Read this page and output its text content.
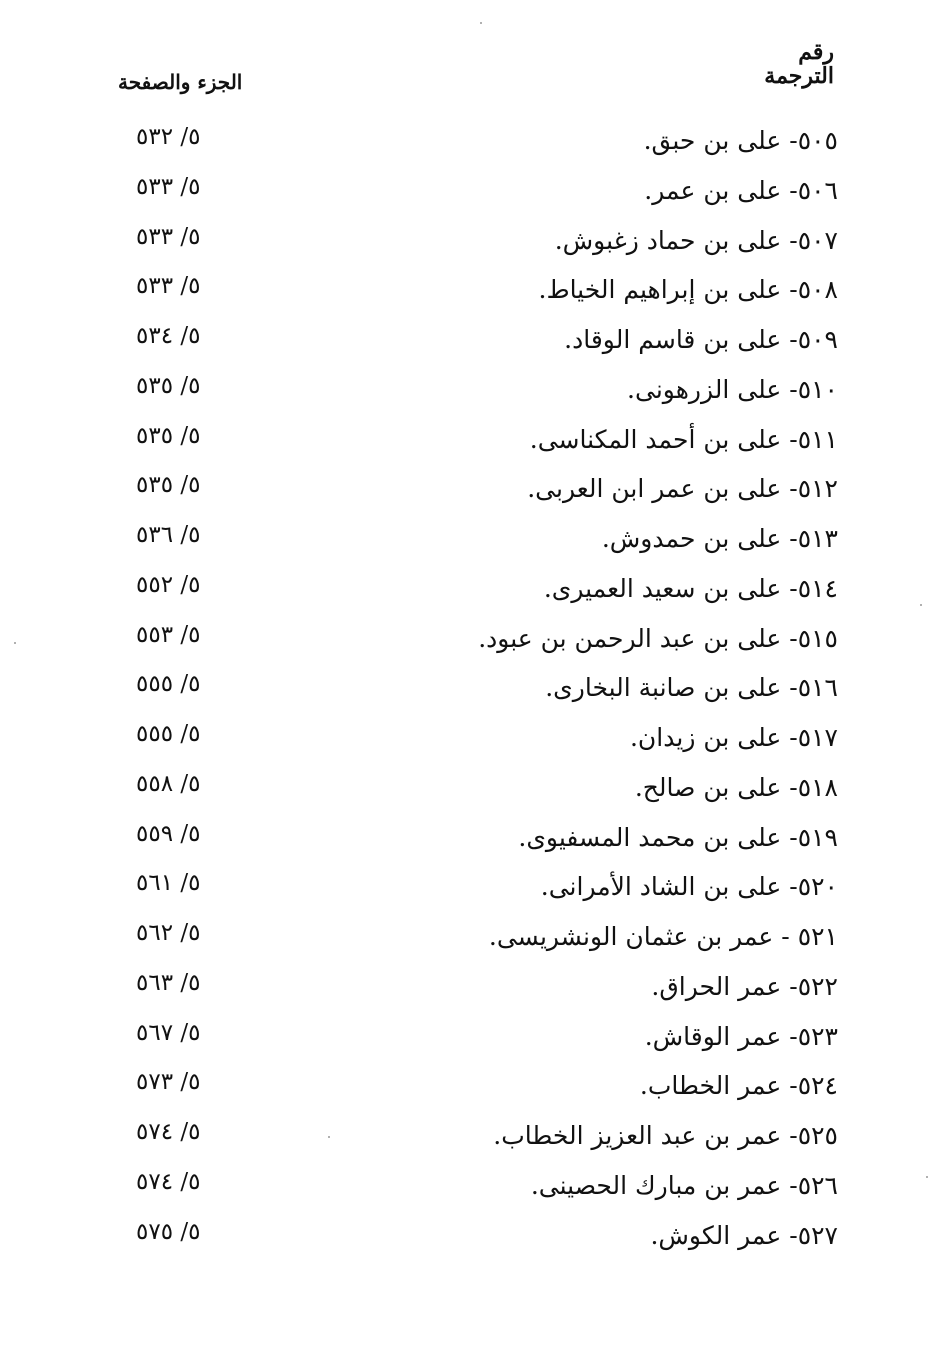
رقم
الترجمة
الجزء والصفحة
٥٠٥- على بن حبق.
٥/ ٥٣٢
٥٠٦- على بن عمر.
٥/ ٥٣٣
٥٠٧- على بن حماد زغبوش.
٥/ ٥٣٣
٥٠٨- على بن إبراهيم الخياط.
٥/ ٥٣٣
٥٠٩- على بن قاسم الوقاد.
٥/ ٥٣٤
٥١٠- على الزرهونى.
٥/ ٥٣٥
٥١١- على بن أحمد المكناسى.
٥/ ٥٣٥
٥١٢- على بن عمر ابن العربى.
٥/ ٥٣٥
٥١٣- على بن حمدوش.
٥/ ٥٣٦
٥١٤- على بن سعيد العميرى.
٥/ ٥٥٢
٥١٥- على بن عبد الرحمن بن عبود.
٥/ ٥٥٣
٥١٦- على بن صانبة البخارى.
٥/ ٥٥٥
٥١٧- على بن زيدان.
٥/ ٥٥٥
٥١٨- على بن صالح.
٥/ ٥٥٨
٥١٩- على بن محمد المسفيوى.
٥/ ٥٥٩
٥٢٠- على بن الشاد الأمرانى.
٥/ ٥٦١
٥٢١ - عمر بن عثمان الونشريسى.
٥/ ٥٦٢
٥٢٢- عمر الحراق.
٥/ ٥٦٣
٥٢٣- عمر الوقاش.
٥/ ٥٦٧
٥٢٤- عمر الخطاب.
٥/ ٥٧٣
٥٢٥- عمر بن عبد العزيز الخطاب.
٥/ ٥٧٤
٥٢٦- عمر بن مبارك الحصينى.
٥/ ٥٧٤
٥٢٧- عمر الكوش.
٥/ ٥٧٥
